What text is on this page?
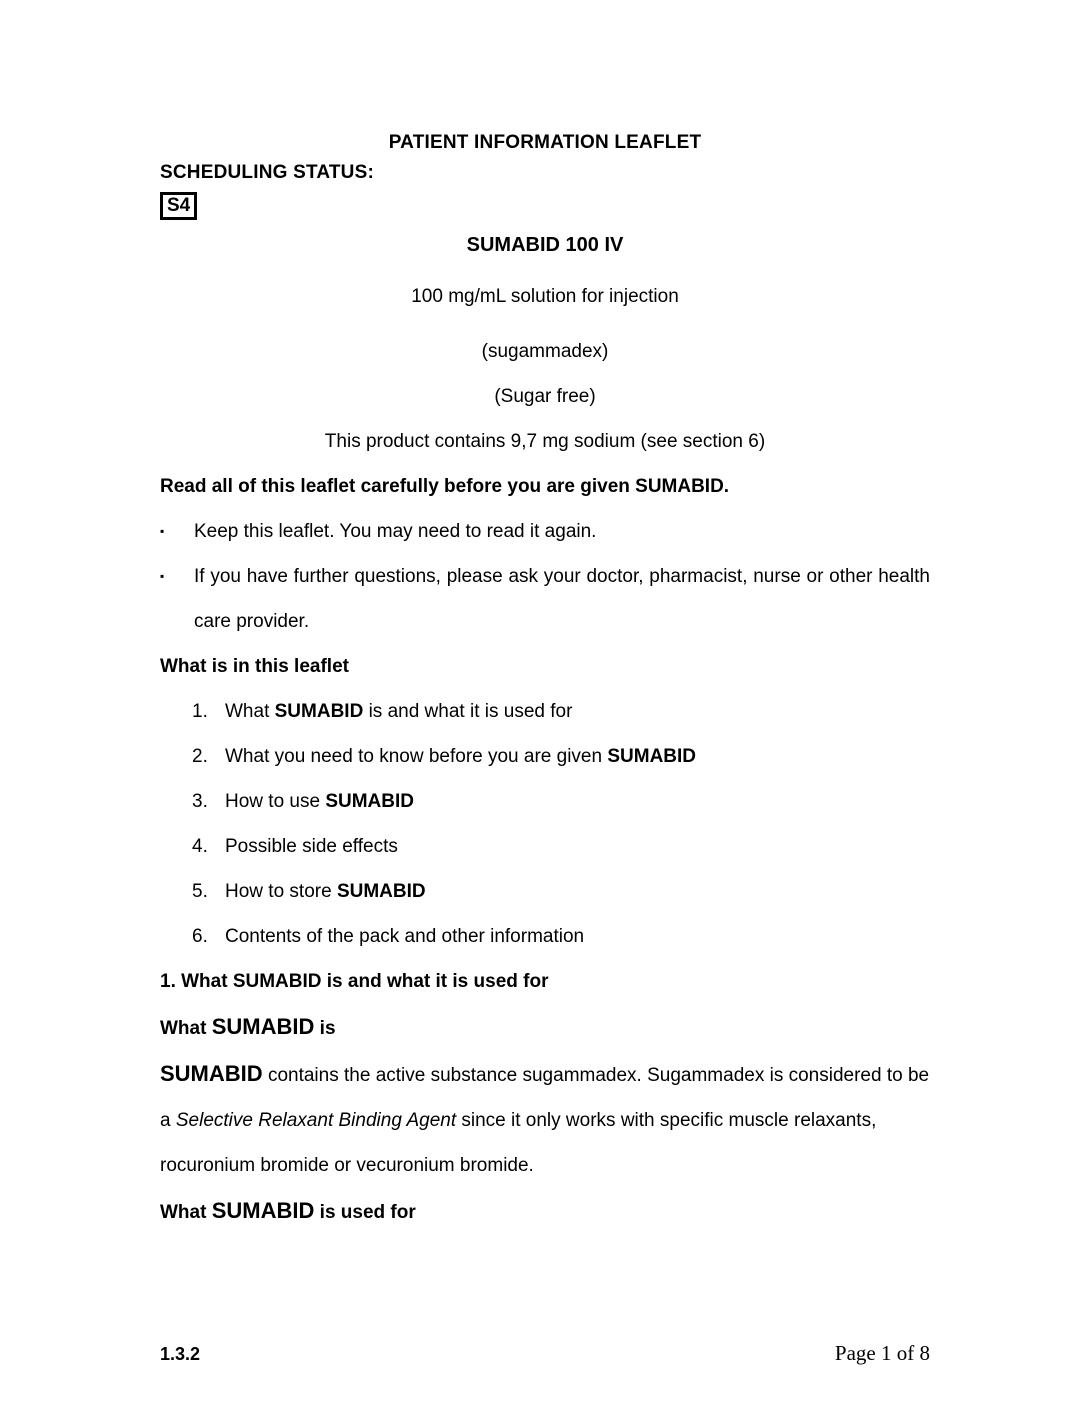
PATIENT INFORMATION LEAFLET
SCHEDULING STATUS:
S4
SUMABID 100 IV
100 mg/mL solution for injection
(sugammadex)
(Sugar free)
This product contains 9,7 mg sodium (see section 6)
Read all of this leaflet carefully before you are given SUMABID.
▪	Keep this leaflet. You may need to read it again.
▪	If you have further questions, please ask your doctor, pharmacist, nurse or other health care provider.
What is in this leaflet
1. What SUMABID is and what it is used for
2. What you need to know before you are given SUMABID
3. How to use SUMABID
4. Possible side effects
5. How to store SUMABID
6. Contents of the pack and other information
1. What SUMABID is and what it is used for
What SUMABID is
SUMABID contains the active substance sugammadex. Sugammadex is considered to be a Selective Relaxant Binding Agent since it only works with specific muscle relaxants, rocuronium bromide or vecuronium bromide.
What SUMABID is used for
1.3.2	Page 1 of 8
